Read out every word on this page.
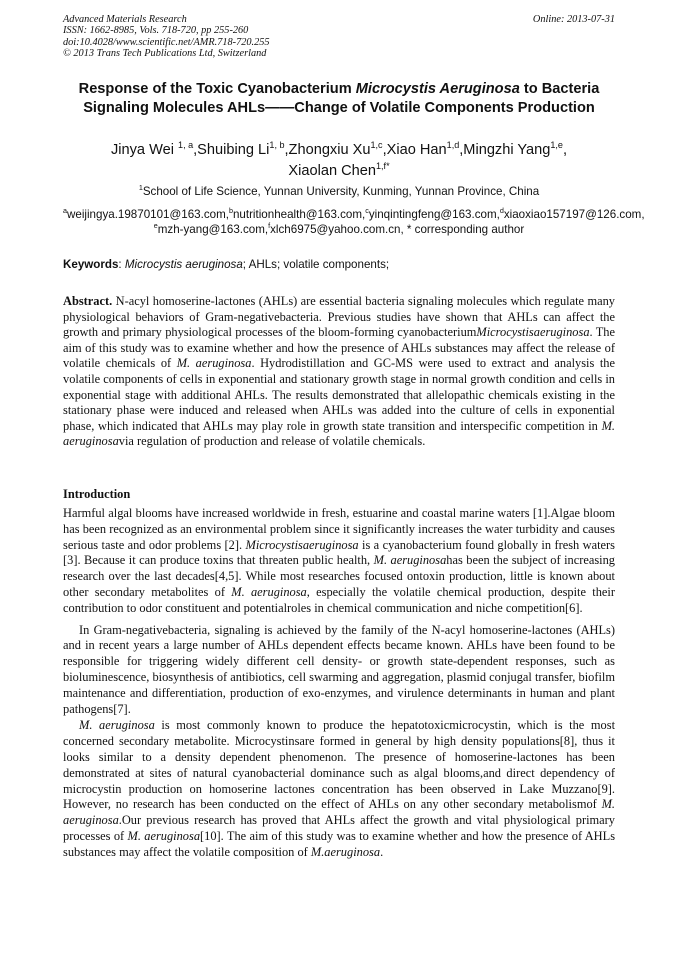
Advanced Materials Research
ISSN: 1662-8985, Vols. 718-720, pp 255-260
doi:10.4028/www.scientific.net/AMR.718-720.255
© 2013 Trans Tech Publications Ltd, Switzerland
Online: 2013-07-31
Response of the Toxic Cyanobacterium Microcystis Aeruginosa to Bacteria Signaling Molecules AHLs——Change of Volatile Components Production
Jinya Wei $^{1, a}$,Shuibing Li$^{1, b}$,Zhongxiu Xu$^{1,c}$,Xiao Han$^{1,d}$,Mingzhi Yang$^{1,e}$,
Xiaolan Chen$^{1,f*}$
$^1$School of Life Science, Yunnan University, Kunming, Yunnan Province, China
$^a$weijingya.19870101@163.com,$^b$nutritionhealth@163.com,$^c$yinqintingfeng@163.com,$^d$xiaoxiao157197@126.com, $^e$mzh-yang@163.com,$^f$xlch6975@yahoo.com.cn, * corresponding author
Keywords: Microcystis aeruginosa; AHLs; volatile components;
Abstract. N-acyl homoserine-lactones (AHLs) are essential bacteria signaling molecules which regulate many physiological behaviors of Gram-negativebacteria. Previous studies have shown that AHLs can affect the growth and primary physiological processes of the bloom-forming cyanobacteriumMicrocystisaeruginosa. The aim of this study was to examine whether and how the presence of AHLs substances may affect the release of volatile chemicals of M. aeruginosa. Hydrodistillation and GC-MS were used to extract and analysis the volatile components of cells in exponential and stationary growth stage in normal growth condition and cells in exponential stage with additional AHLs. The results demonstrated that allelopathic chemicals existing in the stationary phase were induced and released when AHLs was added into the culture of cells in exponential phase, which indicated that AHLs may play role in growth state transition and interspecific competition in M. aeruginosavia regulation of production and release of volatile chemicals.
Introduction

Harmful algal blooms have increased worldwide in fresh, estuarine and coastal marine waters [1].Algae bloom has been recognized as an environmental problem since it significantly increases the water turbidity and causes serious taste and odor problems [2]. Microcystisaeruginosa is a cyanobacterium found globally in fresh waters [3]. Because it can produce toxins that threaten public health, M. aeruginosahas been the subject of increasing research over the last decades[4,5]. While most researches focused ontoxin production, little is known about other secondary metabolites of M. aeruginosa, especially the volatile chemical production, despite their contribution to odor constituent and potentialroles in chemical communication and niche competition[6].

In Gram-negativebacteria, signaling is achieved by the family of the N-acyl homoserine-lactones (AHLs) and in recent years a large number of AHLs dependent effects became known. AHLs have been found to be responsible for triggering widely different cell density- or growth state-dependent responses, such as bioluminescence, biosynthesis of antibiotics, cell swarming and aggregation, plasmid conjugal transfer, biofilm maintenance and differentiation, production of exo-enzymes, and virulence determinants in human and plant pathogens[7].

M. aeruginosa is most commonly known to produce the hepatotoxicmicrocystin, which is the most concerned secondary metabolite. Microcystinsare formed in general by high density populations[8], thus it looks similar to a density dependent phenomenon. The presence of homoserine-lactones has been demonstrated at sites of natural cyanobacterial dominance such as algal blooms,and direct dependency of microcystin production on homoserine lactones concentration has been observed in Lake Muzzano[9]. However, no research has been conducted on the effect of AHLs on any other secondary metabolismof M. aeruginosa.Our previous research has proved that AHLs affect the growth and vital physiological primary processes of M. aeruginosa[10]. The aim of this study was to examine whether and how the presence of AHLs substances may affect the volatile composition of M.aeruginosa.
